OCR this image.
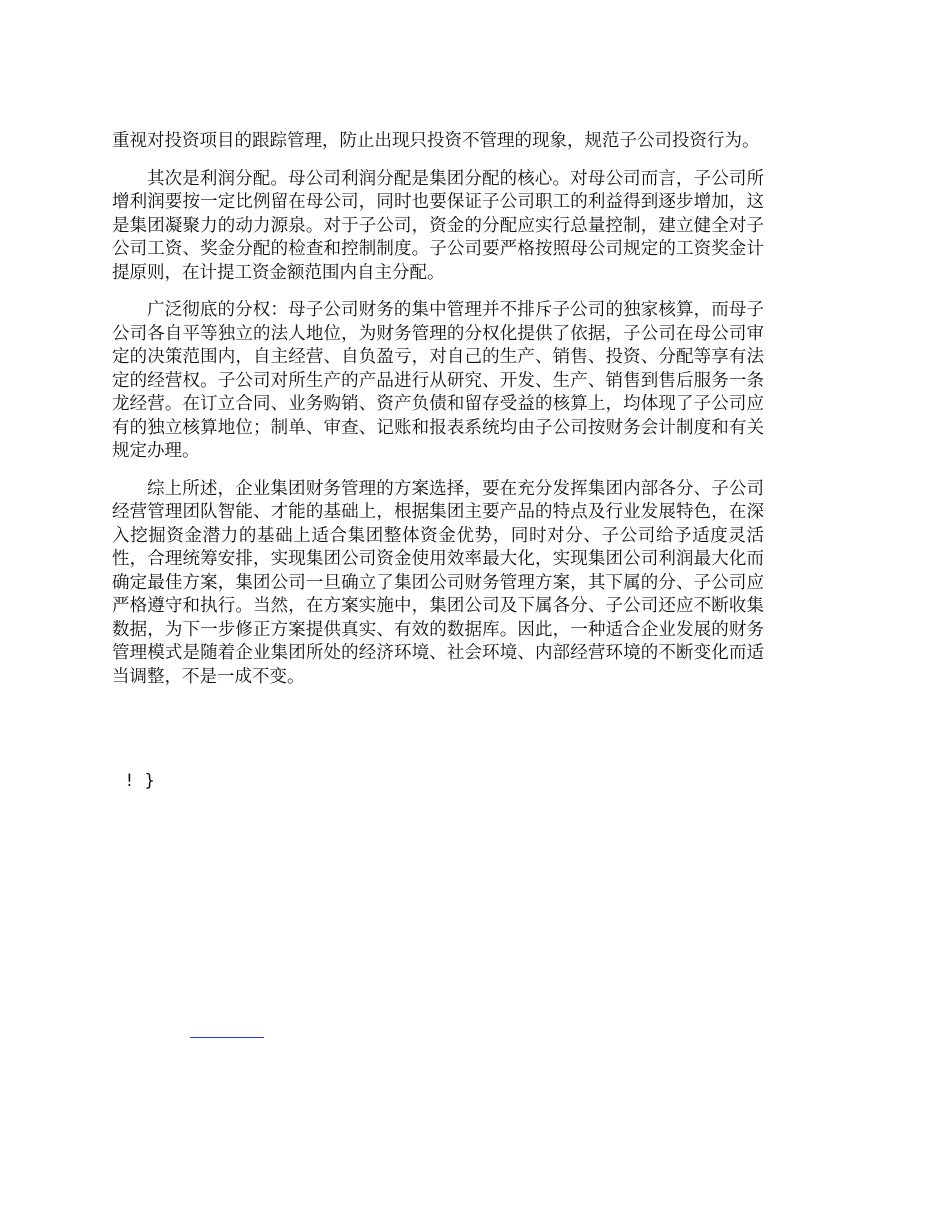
重视对投资项目的跟踪管理，防止出现只投资不管理的现象，规范子公司投资行为。

其次是利润分配。母公司利润分配是集团分配的核心。对母公司而言，子公司所增利润要按一定比例留在母公司，同时也要保证子公司职工的利益得到逐步增加，这是集团凝聚力的动力源泉。对于子公司，资金的分配应实行总量控制，建立健全对子公司工资、奖金分配的检查和控制制度。子公司要严格按照母公司规定的工资奖金计提原则，在计提工资金额范围内自主分配。

广泛彻底的分权：母子公司财务的集中管理并不排斥子公司的独家核算，而母子公司各自平等独立的法人地位，为财务管理的分权化提供了依据，子公司在母公司审定的决策范围内，自主经营、自负盈亏，对自己的生产、销售、投资、分配等享有法定的经营权。子公司对所生产的产品进行从研究、开发、生产、销售到售后服务一条龙经营。在订立合同、业务购销、资产负债和留存受益的核算上，均体现了子公司应有的独立核算地位；制单、审查、记账和报表系统均由子公司按财务会计制度和有关规定办理。

综上所述，企业集团财务管理的方案选择，要在充分发挥集团内部各分、子公司经营管理团队智能、才能的基础上，根据集团主要产品的特点及行业发展特色，在深入挖掘资金潜力的基础上适合集团整体资金优势，同时对分、子公司给予适度灵活性，合理统筹安排，实现集团公司资金使用效率最大化，实现集团公司利润最大化而确定最佳方案，集团公司一旦确立了集团公司财务管理方案，其下属的分、子公司应严格遵守和执行。当然，在方案实施中，集团公司及下属各分、子公司还应不断收集数据，为下一步修正方案提供真实、有效的数据库。因此，一种适合企业发展的财务管理模式是随着企业集团所处的经济环境、社会环境、内部经营环境的不断变化而适当调整，不是一成不变。

! }
